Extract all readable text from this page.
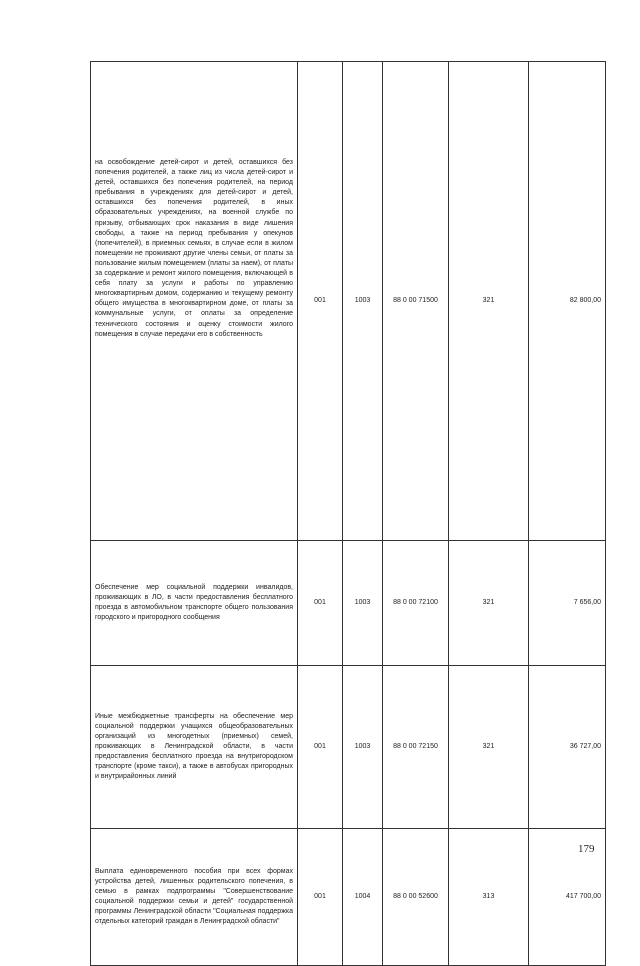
на освобождение детей-сирот и детей, оставшихся без попечения родителей, а также лиц из числа детей-сирот и детей, оставшихся без попечения родителей, на период пребывания в учреждениях для детей-сирот и детей, оставшихся без попечения родителей, в иных образовательных учреждениях, на военной службе по призыву, отбывающих срок наказания в виде лишения свободы, а также на период пребывания у опекунов (попечителей), в приемных семьях, в случае если в жилом помещении не проживают другие члены семьи, от платы за пользование жилым помещением (платы за наем), от платы за содержание и ремонт жилого помещения, включающей в себя плату за услуги и работы по управлению многоквартирным домом, содержанию и текущему ремонту общего имущества в многоквартирном доме, от платы за коммунальные услуги, от оплаты за определение технического состояния и оценку стоимости жилого помещения в случае передачи его в собственность	001	1003	88 0 00 71500	321	82 800,00
Обеспечение мер социальной поддержки инвалидов, проживающих в ЛО, в части предоставления бесплатного проезда в автомобильном транспорте общего пользования городского и пригородного сообщения	001	1003	88 0 00 72100	321	7 656,00
Иные межбюджетные трансферты на обеспечение мер социальной поддержки учащихся общеобразовательных организаций из многодетных (приемных) семей, проживающих в Ленинградской области, в части предоставления бесплатного проезда на внутригородском транспорте (кроме такси), а также в автобусах пригородных и внутрирайонных линий	001	1003	88 0 00 72150	321	36 727,00
Выплата единовременного пособия при всех формах устройства детей, лишенных родительского попечения, в семью в рамках подпрограммы "Совершенствование социальной поддержки семьи и детей" государственной программы Ленинградской области "Социальная поддержка отдельных категорий граждан в Ленинградской области"	001	1004	88 0 00 52600	313	417 700,00
179
